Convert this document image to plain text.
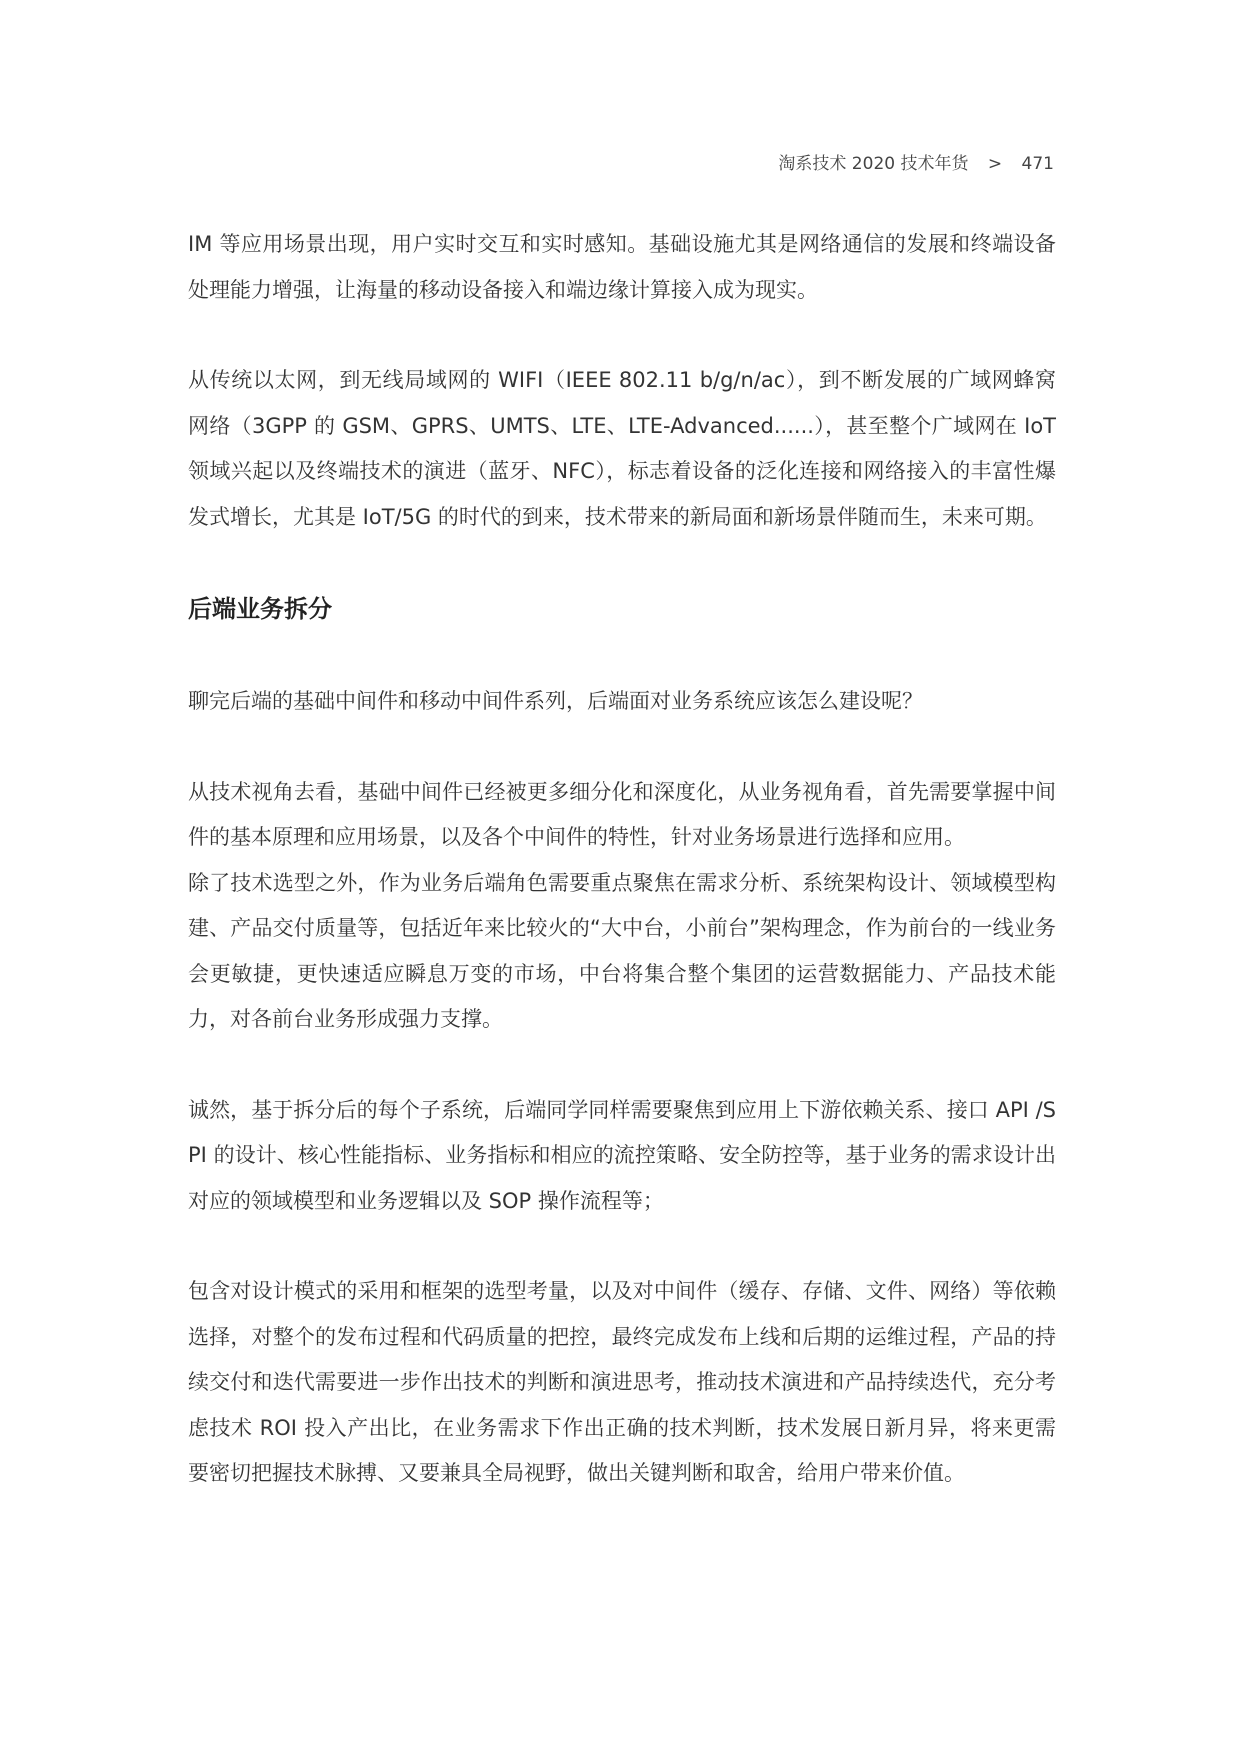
淘系技术 2020 技术年货 > 471

IM 等应用场景出现，用户实时交互和实时感知。基础设施尤其是网络通信的发展和终端设备处理能力增强，让海量的移动设备接入和端边缘计算接入成为现实。

从传统以太网，到无线局域网的 WIFI（IEEE 802.11 b/g/n/ac），到不断发展的广域网蜂窝网络（3GPP 的 GSM、GPRS、UMTS、LTE、LTE-Advanced......），甚至整个广域网在 IoT 领域兴起以及终端技术的演进（蓝牙、NFC），标志着设备的泛化连接和网络接入的丰富性爆发式增长，尤其是 IoT/5G 的时代的到来，技术带来的新局面和新场景伴随而生，未来可期。

后端业务拆分

聊完后端的基础中间件和移动中间件系列，后端面对业务系统应该怎么建设呢？

从技术视角去看，基础中间件已经被更多细分化和深度化，从业务视角看，首先需要掌握中间件的基本原理和应用场景，以及各个中间件的特性，针对业务场景进行选择和应用。

除了技术选型之外，作为业务后端角色需要重点聚焦在需求分析、系统架构设计、领域模型构建、产品交付质量等，包括近年来比较火的“大中台，小前台”架构理念，作为前台的一线业务会更敏捷，更快速适应瞬息万变的市场，中台将集合整个集团的运营数据能力、产品技术能力，对各前台业务形成强力支撑。

诚然，基于拆分后的每个子系统，后端同学同样需要聚焦到应用上下游依赖关系、接口 API /SPI 的设计、核心性能指标、业务指标和相应的流控策略、安全防控等，基于业务的需求设计出对应的领域模型和业务逻辑以及 SOP 操作流程等；

包含对设计模式的采用和框架的选型考量，以及对中间件（缓存、存储、文件、网络）等依赖选择，对整个的发布过程和代码质量的把控，最终完成发布上线和后期的运维过程，产品的持续交付和迭代需要进一步作出技术的判断和演进思考，推动技术演进和产品持续迭代，充分考虑技术 ROI 投入产出比，在业务需求下作出正确的技术判断，技术发展日新月异，将来更需要密切把握技术脉搏、又要兼具全局视野，做出关键判断和取舍，给用户带来价值。
